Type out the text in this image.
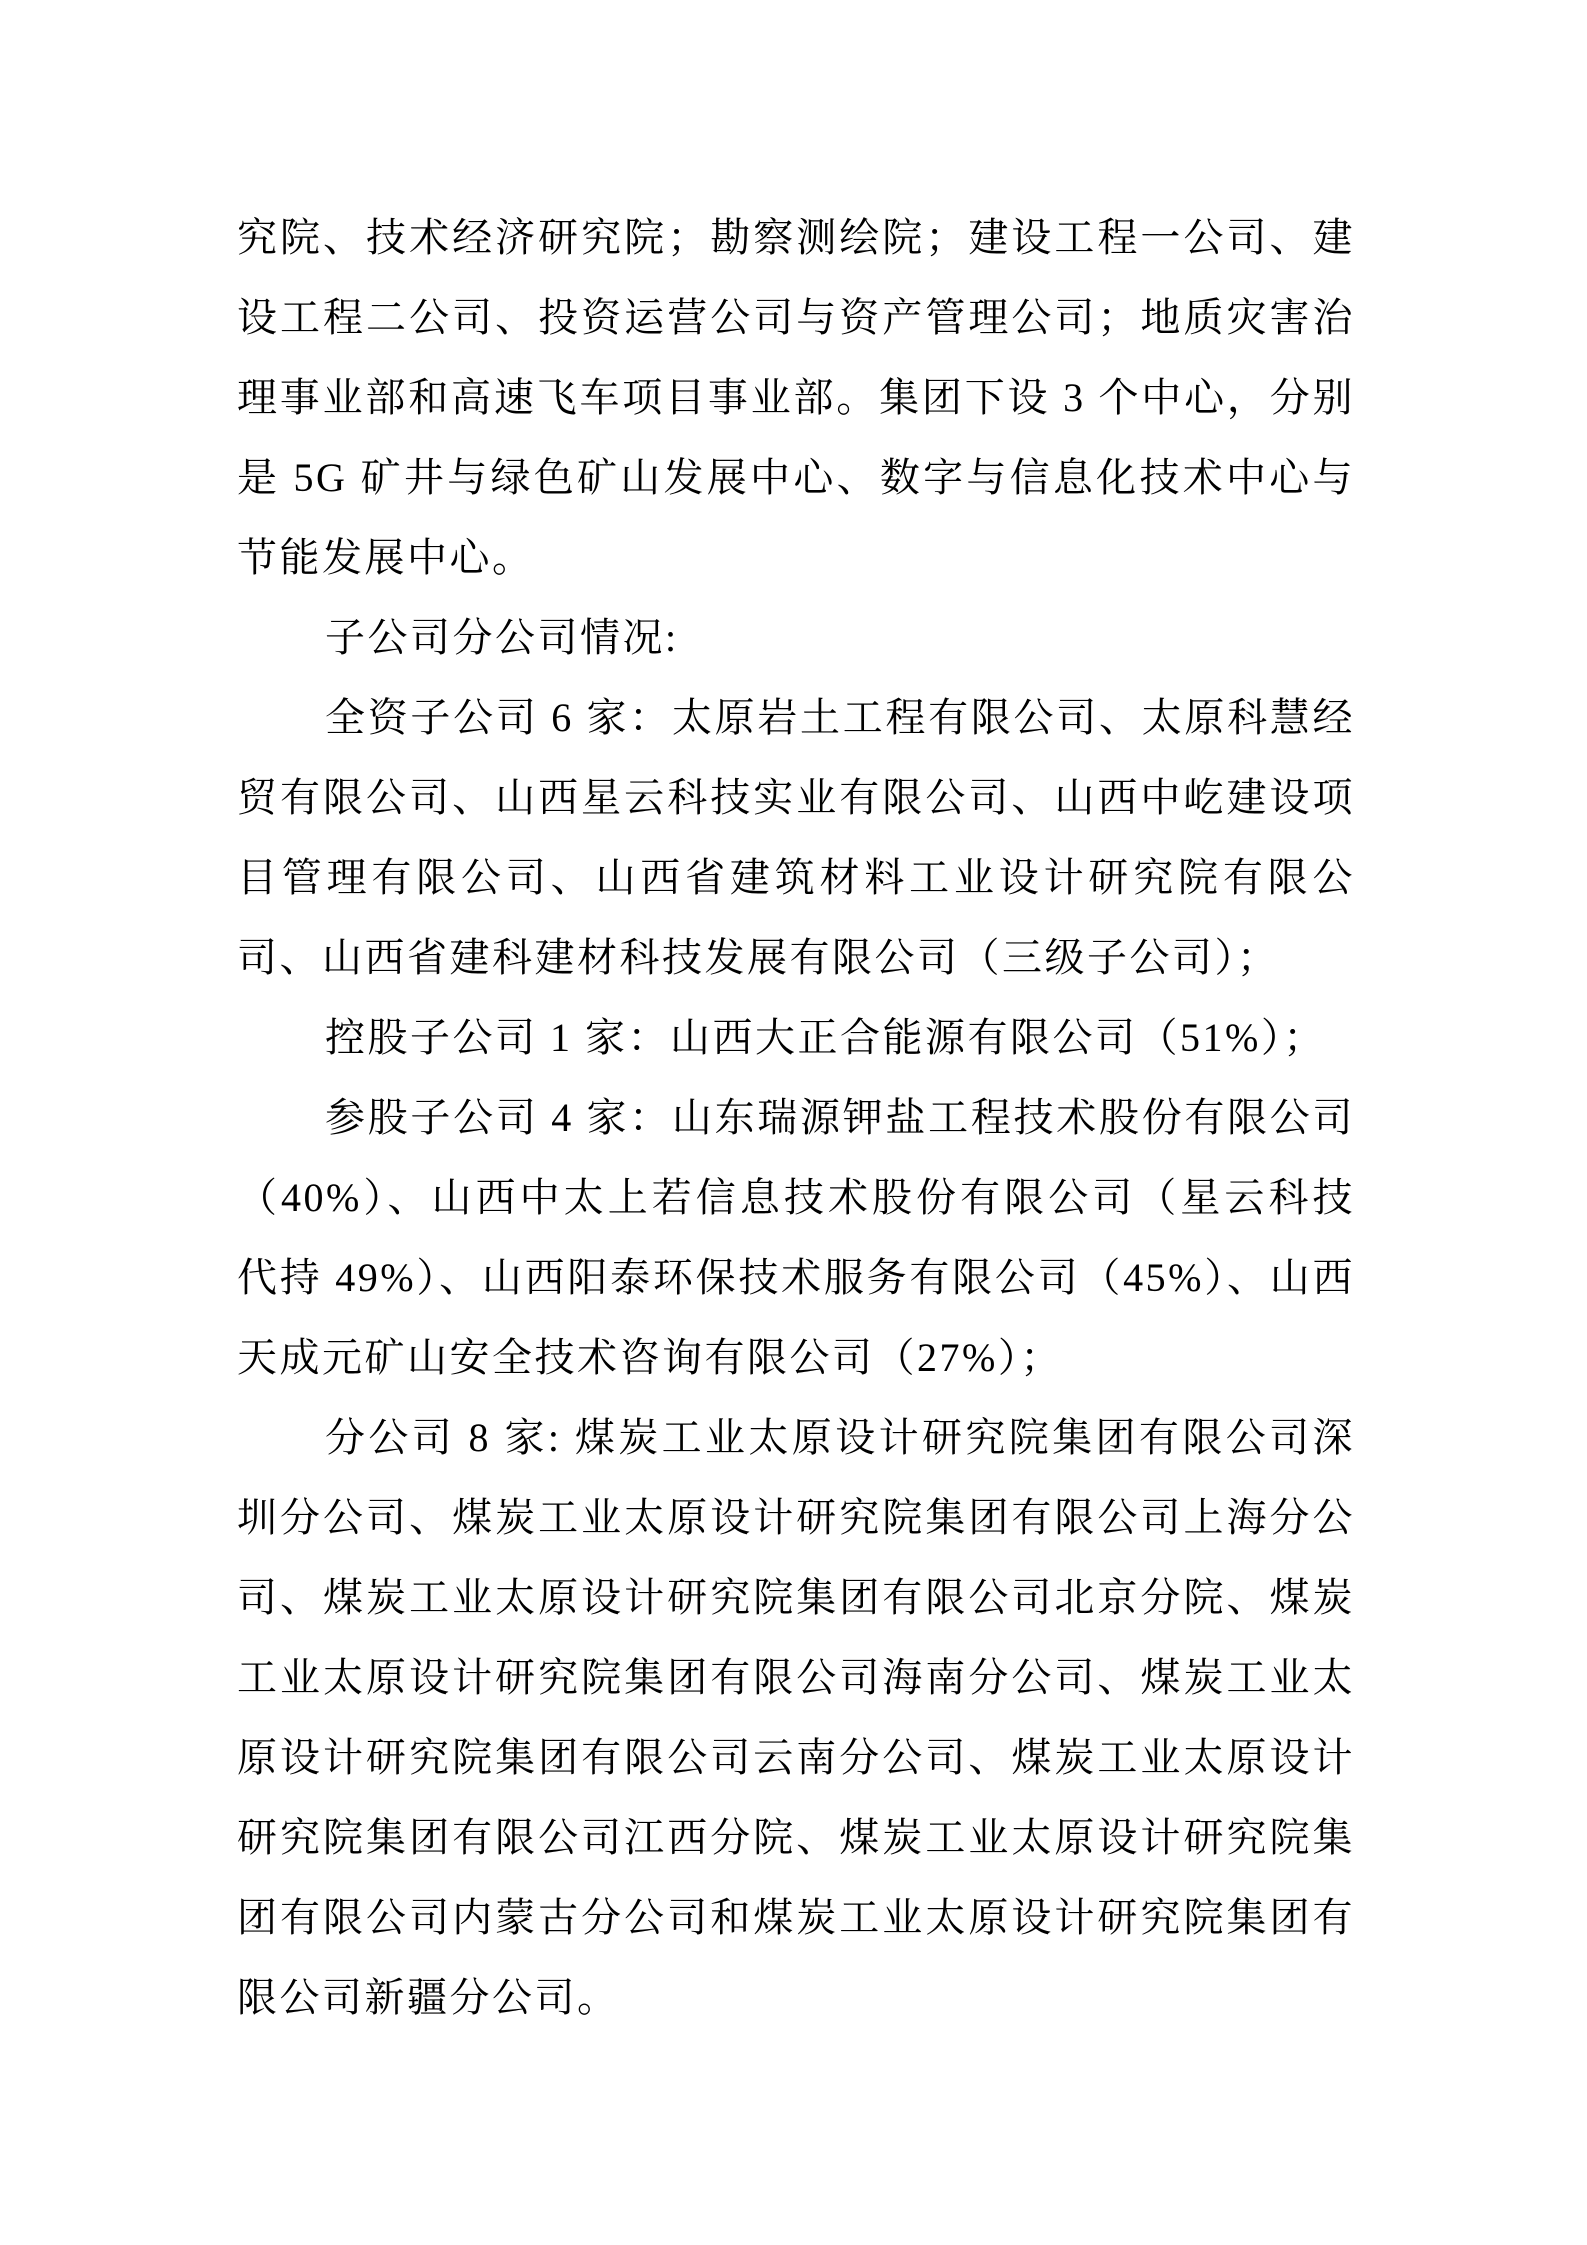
究院、技术经济研究院；勘察测绘院；建设工程一公司、建设工程二公司、投资运营公司与资产管理公司；地质灾害治理事业部和高速飞车项目事业部。集团下设 3 个中心，分别是 5G 矿井与绿色矿山发展中心、数字与信息化技术中心与节能发展中心。

子公司分公司情况:

全资子公司 6 家：太原岩土工程有限公司、太原科慧经贸有限公司、山西星云科技实业有限公司、山西中屹建设项目管理有限公司、山西省建筑材料工业设计研究院有限公司、山西省建科建材科技发展有限公司（三级子公司）；

控股子公司 1 家：山西大正合能源有限公司（51%）；

参股子公司 4 家：山东瑞源钾盐工程技术股份有限公司（40%）、山西中太上若信息技术股份有限公司（星云科技代持 49%）、山西阳泰环保技术服务有限公司（45%）、山西天成元矿山安全技术咨询有限公司（27%）；

分公司 8 家: 煤炭工业太原设计研究院集团有限公司深圳分公司、煤炭工业太原设计研究院集团有限公司上海分公司、煤炭工业太原设计研究院集团有限公司北京分院、煤炭工业太原设计研究院集团有限公司海南分公司、煤炭工业太原设计研究院集团有限公司云南分公司、煤炭工业太原设计研究院集团有限公司江西分院、煤炭工业太原设计研究院集团有限公司内蒙古分公司和煤炭工业太原设计研究院集团有限公司新疆分公司。
